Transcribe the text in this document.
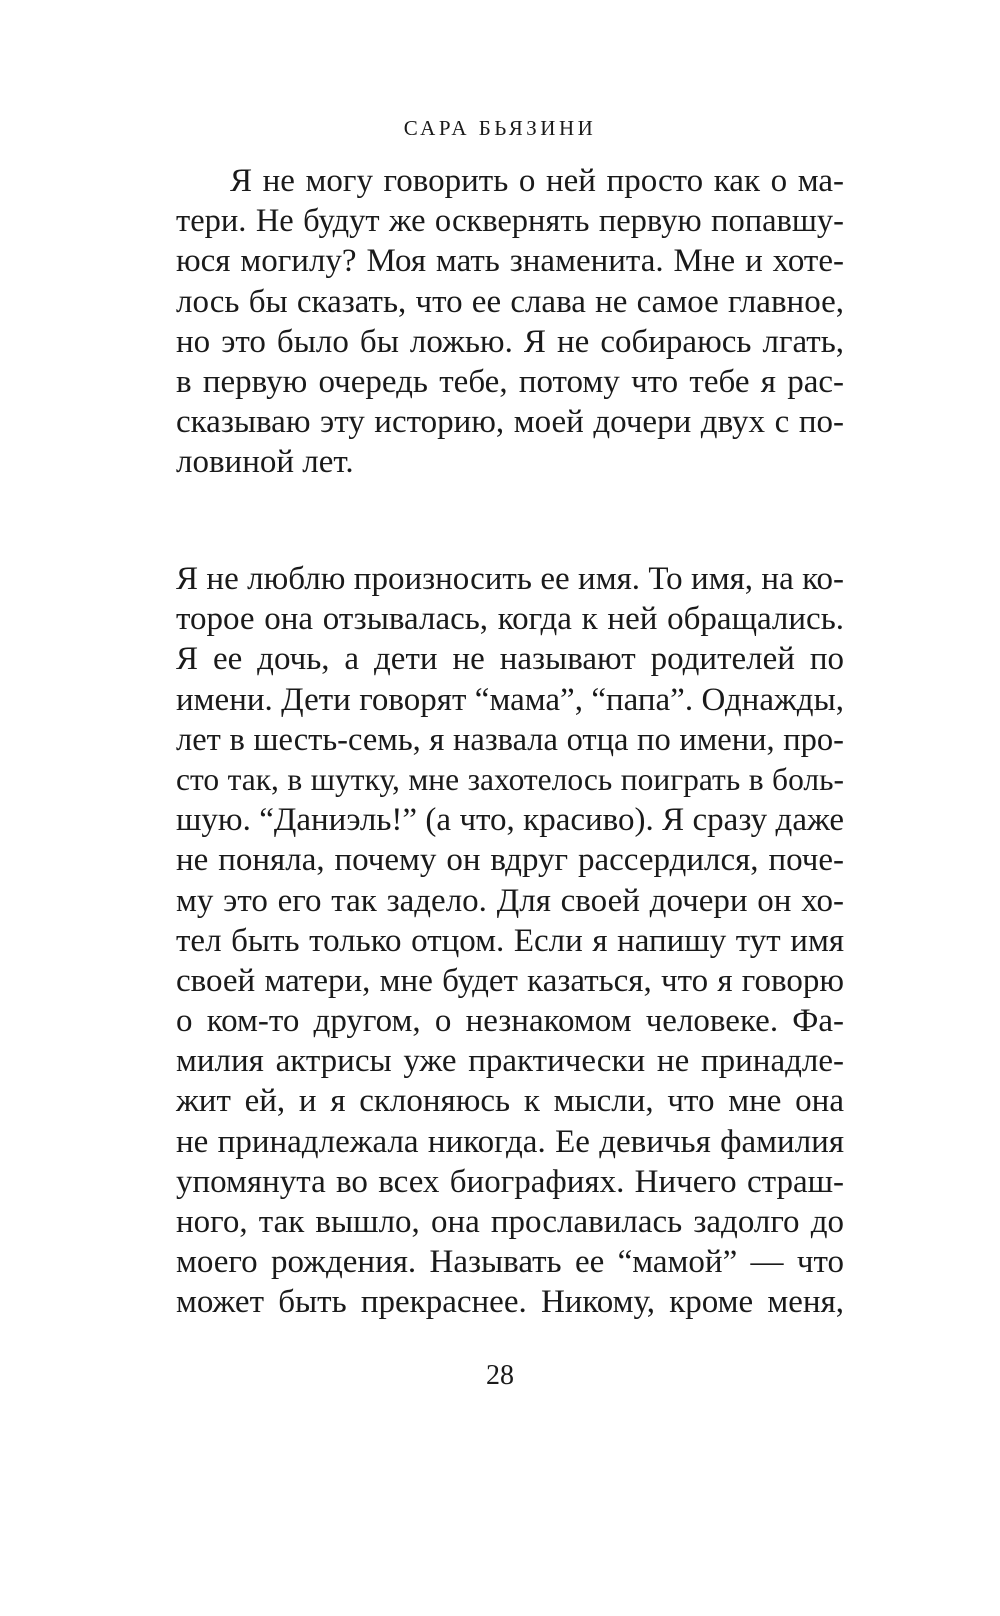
САРА БЬЯЗИНИ
Я не могу говорить о ней просто как о ма-
тери. Не будут же осквернять первую попавшу-
юся могилу? Моя мать знаменита. Мне и хоте-
лось бы сказать, что ее слава не самое главное,
но это было бы ложью. Я не собираюсь лгать,
в первую очередь тебе, потому что тебе я рас-
сказываю эту историю, моей дочери двух с по-
ловиной лет.
Я не люблю произносить ее имя. То имя, на ко-
торое она отзывалась, когда к ней обращались.
Я ее дочь, а дети не называют родителей по
имени. Дети говорят “мама”, “папа”. Однажды,
лет в шесть-семь, я назвала отца по имени, про-
сто так, в шутку, мне захотелось поиграть в боль-
шую. “Даниэль!” (а что, красиво). Я сразу даже
не поняла, почему он вдруг рассердился, поче-
му это его так задело. Для своей дочери он хо-
тел быть только отцом. Если я напишу тут имя
своей матери, мне будет казаться, что я говорю
о ком-то другом, о незнакомом человеке. Фа-
милия актрисы уже практически не принадле-
жит ей, и я склоняюсь к мысли, что мне она
не принадлежала никогда. Ее девичья фамилия
упомянута во всех биографиях. Ничего страш-
ного, так вышло, она прославилась задолго до
моего рождения. Называть ее “мамой” — что
может быть прекраснее. Никому, кроме меня,
28
